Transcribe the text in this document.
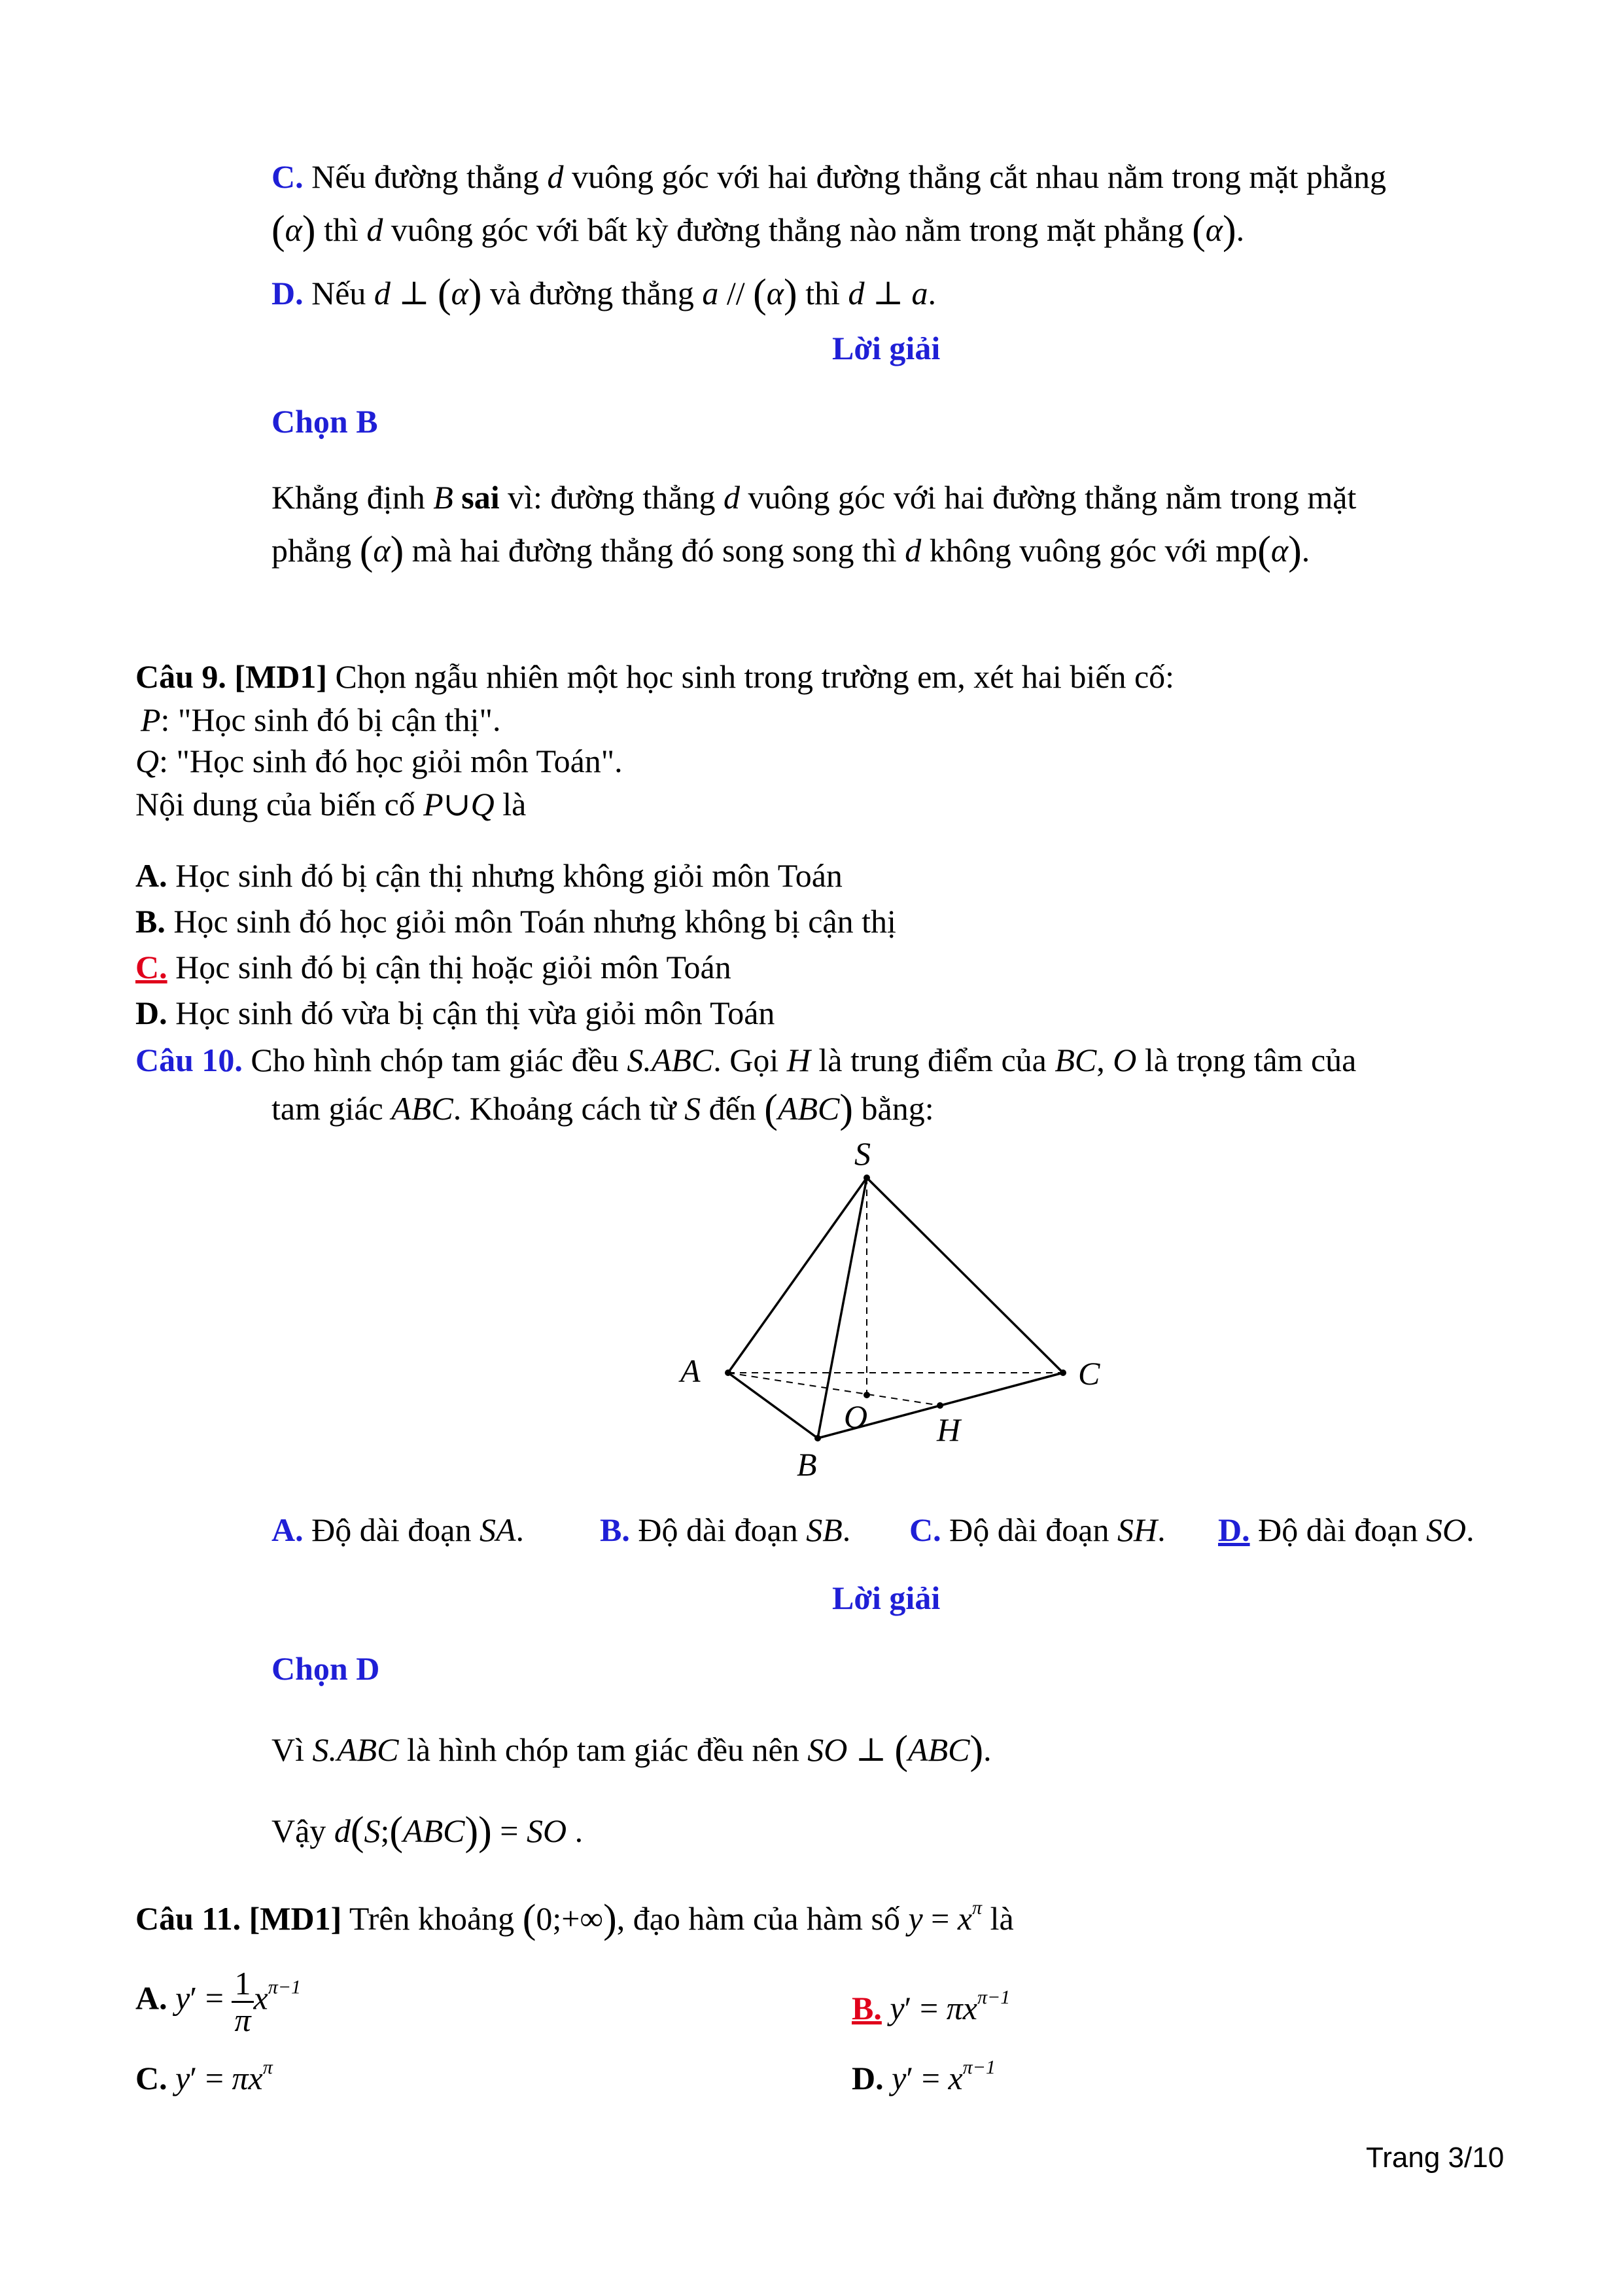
C. Nếu đường thẳng d vuông góc với hai đường thẳng cắt nhau nằm trong mặt phẳng
(α) thì d vuông góc với bất kỳ đường thẳng nào nằm trong mặt phẳng (α).
D. Nếu d ⊥ (α) và đường thẳng a // (α) thì d ⊥ a.
Lời giải
Chọn B
Khẳng định B sai vì: đường thẳng d vuông góc với hai đường thẳng nằm trong mặt
phẳng (α) mà hai đường thẳng đó song song thì d không vuông góc với mp(α).
Câu 9. [MD1] Chọn ngẫu nhiên một học sinh trong trường em, xét hai biến cố:
P: "Học sinh đó bị cận thị".
Q: "Học sinh đó học giỏi môn Toán".
Nội dung của biến cố P∪Q là
A. Học sinh đó bị cận thị nhưng không giỏi môn Toán
B. Học sinh đó học giỏi môn Toán nhưng không bị cận thị
C. Học sinh đó bị cận thị hoặc giỏi môn Toán
D. Học sinh đó vừa bị cận thị vừa giỏi môn Toán
Câu 10. Cho hình chóp tam giác đều S.ABC. Gọi H là trung điểm của BC, O là trọng tâm của
tam giác ABC. Khoảng cách từ S đến (ABC) bằng:
S
A
B
C
O H
A. Độ dài đoạn SA. B. Độ dài đoạn SB. C. Độ dài đoạn SH. D. Độ dài đoạn SO.
Lời giải
Chọn D
Vì S.ABC là hình chóp tam giác đều nên SO ⊥ (ABC).
Vậy d(S;(ABC)) = SO .
Câu 11. [MD1] Trên khoảng (0;+∞), đạo hàm của hàm số $y = x^\pi$ là
A. $y' = \frac{1}{\pi} x^{\pi-1}$
B. $y' = \pi x^{\pi-1}$
C. $y' = \pi x^\pi$	D. $y' = x^{\pi-1}$
Trang 3/10
